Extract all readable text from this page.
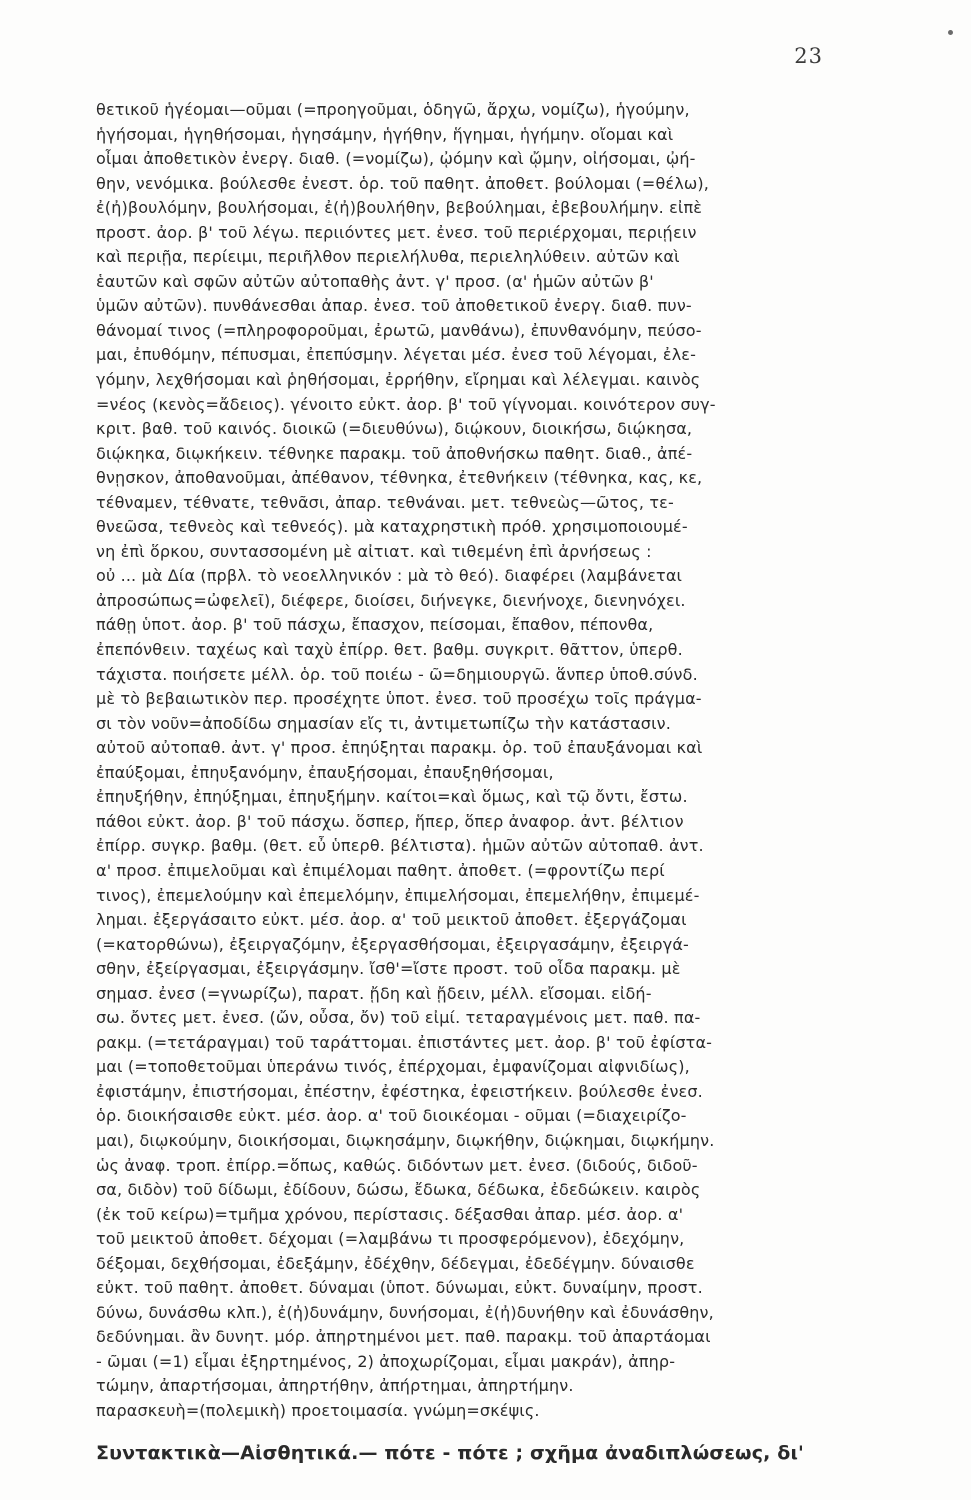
23
θετικοῦ ἡγέομαι—οῦμαι (=προηγοῦμαι, ὁδηγῶ, ἄρχω, νομίζω), ἡγούμην,
ἡγήσομαι, ἡγηθήσομαι, ἡγησάμην, ἡγήθην, ἥγημαι, ἡγήμην. οἴομαι καὶ
οἶμαι ἀποθετικὸν ἐνεργ. διαθ. (=νομίζω), ᾠόμην καὶ ᾤμην, οἰήσομαι, ᾠή-
θην, νενόμικα. βούλεσθε ἐνεστ. ὁρ. τοῦ παθητ. ἀποθετ. βούλομαι (=θέλω),
ἐ(ἠ)βουλόμην, βουλήσομαι, ἐ(ἠ)βουλήθην, βεβούλημαι, ἐβεβουλήμην. εἰπὲ
προστ. ἀορ. β' τοῦ λέγω. περιιόντες μετ. ἐνεσ. τοῦ περιέρχομαι, περιῄειν
καὶ περιῇα, περίειμι, περιῆλθον περιελήλυθα, περιεληλύθειν. αὐτῶν καὶ
ἑαυτῶν καὶ σφῶν αὐτῶν αὐτοπαθὴς ἀντ. γ' προσ. (α' ἡμῶν αὐτῶν β'
ὑμῶν αὐτῶν). πυνθάνεσθαι ἀπαρ. ἐνεσ. τοῦ ἀποθετικοῦ ἐνεργ. διαθ. πυν-
θάνομαί τινος (=πληροφοροῦμαι, ἐρωτῶ, μανθάνω), ἐπυνθανόμην, πεύσο-
μαι, ἐπυθόμην, πέπυσμαι, ἐπεπύσμην. λέγεται μέσ. ἐνεσ τοῦ λέγομαι, ἐλε-
γόμην, λεχθήσομαι καὶ ῥηθήσομαι, ἐρρήθην, εἴρημαι καὶ λέλεγμαι. καινὸς
=νέος (κενὸς=ἄδειος). γένοιτο εὐκτ. ἀορ. β' τοῦ γίγνομαι. κοινότερον συγ-
κριτ. βαθ. τοῦ καινός. διοικῶ (=διευθύνω), διῴκουν, διοικήσω, διῴκησα,
διῴκηκα, διῳκήκειν. τέθνηκε παρακμ. τοῦ ἀποθνήσκω παθητ. διαθ., ἀπέ-
θνῃσκον, ἀποθανοῦμαι, ἀπέθανον, τέθνηκα, ἐτεθνήκειν (τέθνηκα, κας, κε,
τέθναμεν, τέθνατε, τεθνᾶσι, ἀπαρ. τεθνάναι. μετ. τεθνεὼς—ῶτος, τε-
θνεῶσα, τεθνεὸς καὶ τεθνεός). μὰ καταχρηστικὴ πρόθ. χρησιμοποιουμέ-
νη ἐπὶ ὅρκου, συντασσομένη μὲ αἰτιατ. καὶ τιθεμένη ἐπὶ ἀρνήσεως :
οὐ ... μὰ Δία (πρβλ. τὸ νεοελληνικόν : μὰ τὸ θεό). διαφέρει (λαμβάνεται
ἀπροσώπως=ὠφελεῖ), διέφερε, διοίσει, διήνεγκε, διενήνοχε, διενηνόχει.
πάθῃ ὑποτ. ἀορ. β' τοῦ πάσχω, ἔπασχον, πείσομαι, ἔπαθον, πέπονθα,
ἐπεπόνθειν. ταχέως καὶ ταχὺ ἐπίρρ. θετ. βαθμ. συγκριτ. θᾶττον, ὑπερθ.
τάχιστα. ποιήσετε μέλλ. ὁρ. τοῦ ποιέω - ῶ=δημιουργῶ. ἅνπερ ὑποθ.σύνδ.
μὲ τὸ βεβαιωτικὸν περ. προσέχητε ὑποτ. ἐνεσ. τοῦ προσέχω τοῖς πράγμα-
σι τὸν νοῦν=ἀποδίδω σημασίαν εἴς τι, ἀντιμετωπίζω τὴν κατάστασιν.
αὐτοῦ αὐτοπαθ. ἀντ. γ' προσ. ἐπηύξηται παρακμ. ὁρ. τοῦ ἐπαυξάνομαι καὶ
ἐπαύξομαι, ἐπηυξανόμην, ἐπαυξήσομαι, ἐπαυξηθήσομαι,
ἐπηυξήθην, ἐπηύξημαι, ἐπηυξήμην. καίτοι=καὶ ὅμως, καὶ τῷ ὄντι, ἔστω.
πάθοι εὐκτ. ἀορ. β' τοῦ πάσχω. ὅσπερ, ἥπερ, ὅπερ ἀναφορ. ἀντ. βέλτιον
ἐπίρρ. συγκρ. βαθμ. (θετ. εὖ ὑπερθ. βέλτιστα). ἡμῶν αὐτῶν αὐτοπαθ. ἀντ.
α' προσ. ἐπιμελοῦμαι καὶ ἐπιμέλομαι παθητ. ἀποθετ. (=φροντίζω περί
τινος), ἐπεμελούμην καὶ ἐπεμελόμην, ἐπιμελήσομαι, ἐπεμελήθην, ἐπιμεμέ-
λημαι. ἐξεργάσαιτο εὐκτ. μέσ. ἀορ. α' τοῦ μεικτοῦ ἀποθετ. ἐξεργάζομαι
(=κατορθώνω), ἐξειργαζόμην, ἐξεργασθήσομαι, ἐξειργασάμην, ἐξειργά-
σθην, ἐξείργασμαι, ἐξειργάσμην. ἴσθ'=ἴστε προστ. τοῦ οἶδα παρακμ. μὲ
σημασ. ἐνεσ (=γνωρίζω), παρατ. ᾔδη καὶ ᾔδειν, μέλλ. εἴσομαι. εἰδή-
σω. ὄντες μετ. ἐνεσ. (ὤν, οὖσα, ὄν) τοῦ εἰμί. τεταραγμένοις μετ. παθ. πα-
ρακμ. (=τετάραγμαι) τοῦ ταράττομαι. ἐπιστάντες μετ. ἀορ. β' τοῦ ἐφίστα-
μαι (=τοποθετοῦμαι ὑπεράνω τινός, ἐπέρχομαι, ἐμφανίζομαι αἰφνιδίως),
ἐφιστάμην, ἐπιστήσομαι, ἐπέστην, ἐφέστηκα, ἐφειστήκειν. βούλεσθε ἐνεσ.
ὁρ. διοικήσαισθε εὐκτ. μέσ. ἀορ. α' τοῦ διοικέομαι - οῦμαι (=διαχειρίζο-
μαι), διῳκούμην, διοικήσομαι, διῳκησάμην, διῳκήθην, διῴκημαι, διῳκήμην.
ὡς ἀναφ. τροπ. ἐπίρρ.=ὅπως, καθώς. διδόντων μετ. ἐνεσ. (διδούς, διδοῦ-
σα, διδὸν) τοῦ δίδωμι, ἐδίδουν, δώσω, ἔδωκα, δέδωκα, ἐδεδώκειν. καιρὸς
(ἐκ τοῦ κείρω)=τμῆμα χρόνου, περίστασις. δέξασθαι ἀπαρ. μέσ. ἀορ. α'
τοῦ μεικτοῦ ἀποθετ. δέχομαι (=λαμβάνω τι προσφερόμενον), ἐδεχόμην,
δέξομαι, δεχθήσομαι, ἐδεξάμην, ἐδέχθην, δέδεγμαι, ἐδεδέγμην. δύναισθε
εὐκτ. τοῦ παθητ. ἀποθετ. δύναμαι (ὑποτ. δύνωμαι, εὐκτ. δυναίμην, προστ.
δύνω, δυνάσθω κλπ.), ἐ(ἠ)δυνάμην, δυνήσομαι, ἐ(ἠ)δυνήθην καὶ ἐδυνάσθην,
δεδύνημαι. ἂν δυνητ. μόρ. ἀπηρτημένοι μετ. παθ. παρακμ. τοῦ ἀπαρτάομαι
- ῶμαι (=1) εἶμαι ἐξηρτημένος, 2) ἀποχωρίζομαι, εἶμαι μακράν), ἀπηρ-
τώμην, ἀπαρτήσομαι, ἀπηρτήθην, ἀπήρτημαι, ἀπηρτήμην.
παρασκευὴ=(πολεμικὴ) προετοιμασία. γνώμη=σκέψις.
Συντακτικὰ—Αἰσθητικά.— πότε - πότε ; σχῆμα ἀναδιπλώσεως, δι'
